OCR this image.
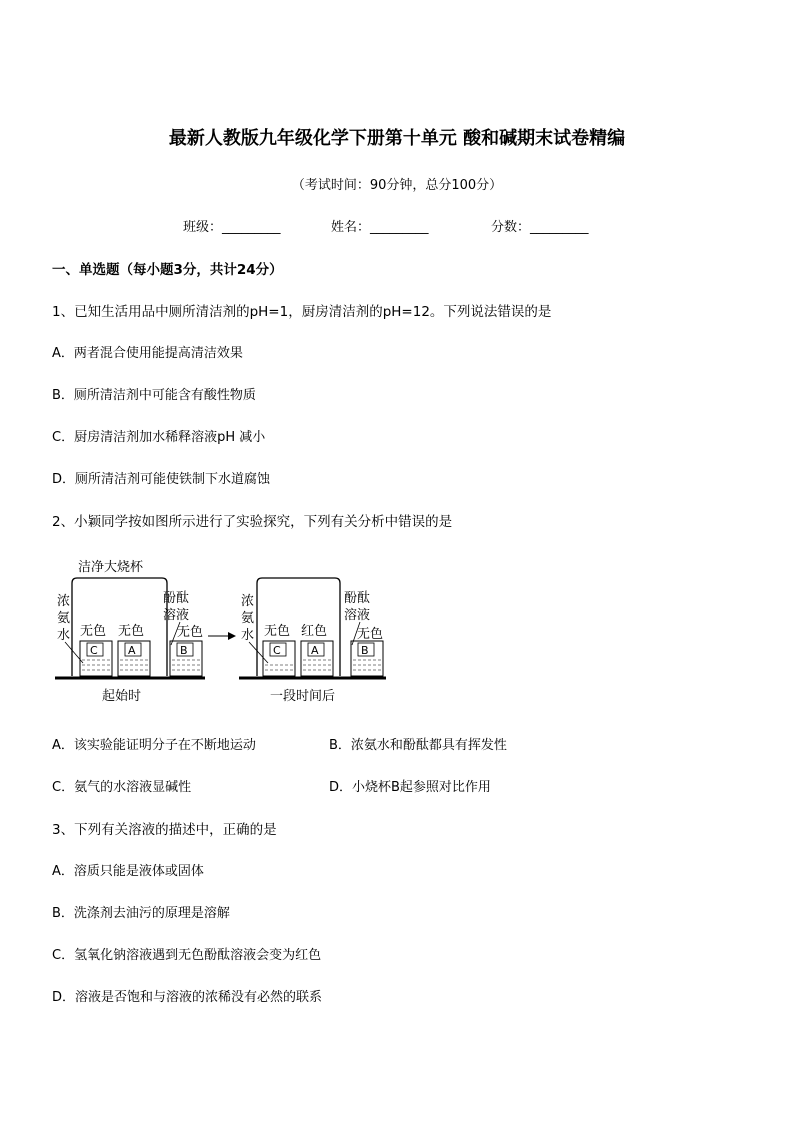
最新人教版九年级化学下册第十单元 酸和碱期末试卷精编
（考试时间：90分钟，总分100分）
班级：_________	姓名：_________	分数：_________
一、单选题（每小题3分，共计24分）
1、已知生活用品中厕所清洁剂的pH=1，厨房清洁剂的pH=12。下列说法错误的是
A．两者混合使用能提高清洁效果
B．厕所清洁剂中可能含有酸性物质
C．厨房清洁剂加水稀释溶液pH 减小
D．厕所清洁剂可能使铁制下水道腐蚀
2、小颖同学按如图所示进行了实验探究，下列有关分析中错误的是
洁净大烧杯
浓
氨
水 无色 无色
C	A
酚酞
溶液
无色
B
起始时
浓
氨
水 无色 红色
C	A
酚酞
溶液
无色
B
一段时间后
A．该实验能证明分子在不断地运动	B．浓氨水和酚酞都具有挥发性
C．氨气的水溶液显碱性	D．小烧杯B起参照对比作用
3、下列有关溶液的描述中，正确的是
A．溶质只能是液体或固体
B．洗涤剂去油污的原理是溶解
C．氢氧化钠溶液遇到无色酚酞溶液会变为红色
D．溶液是否饱和与溶液的浓稀没有必然的联系
